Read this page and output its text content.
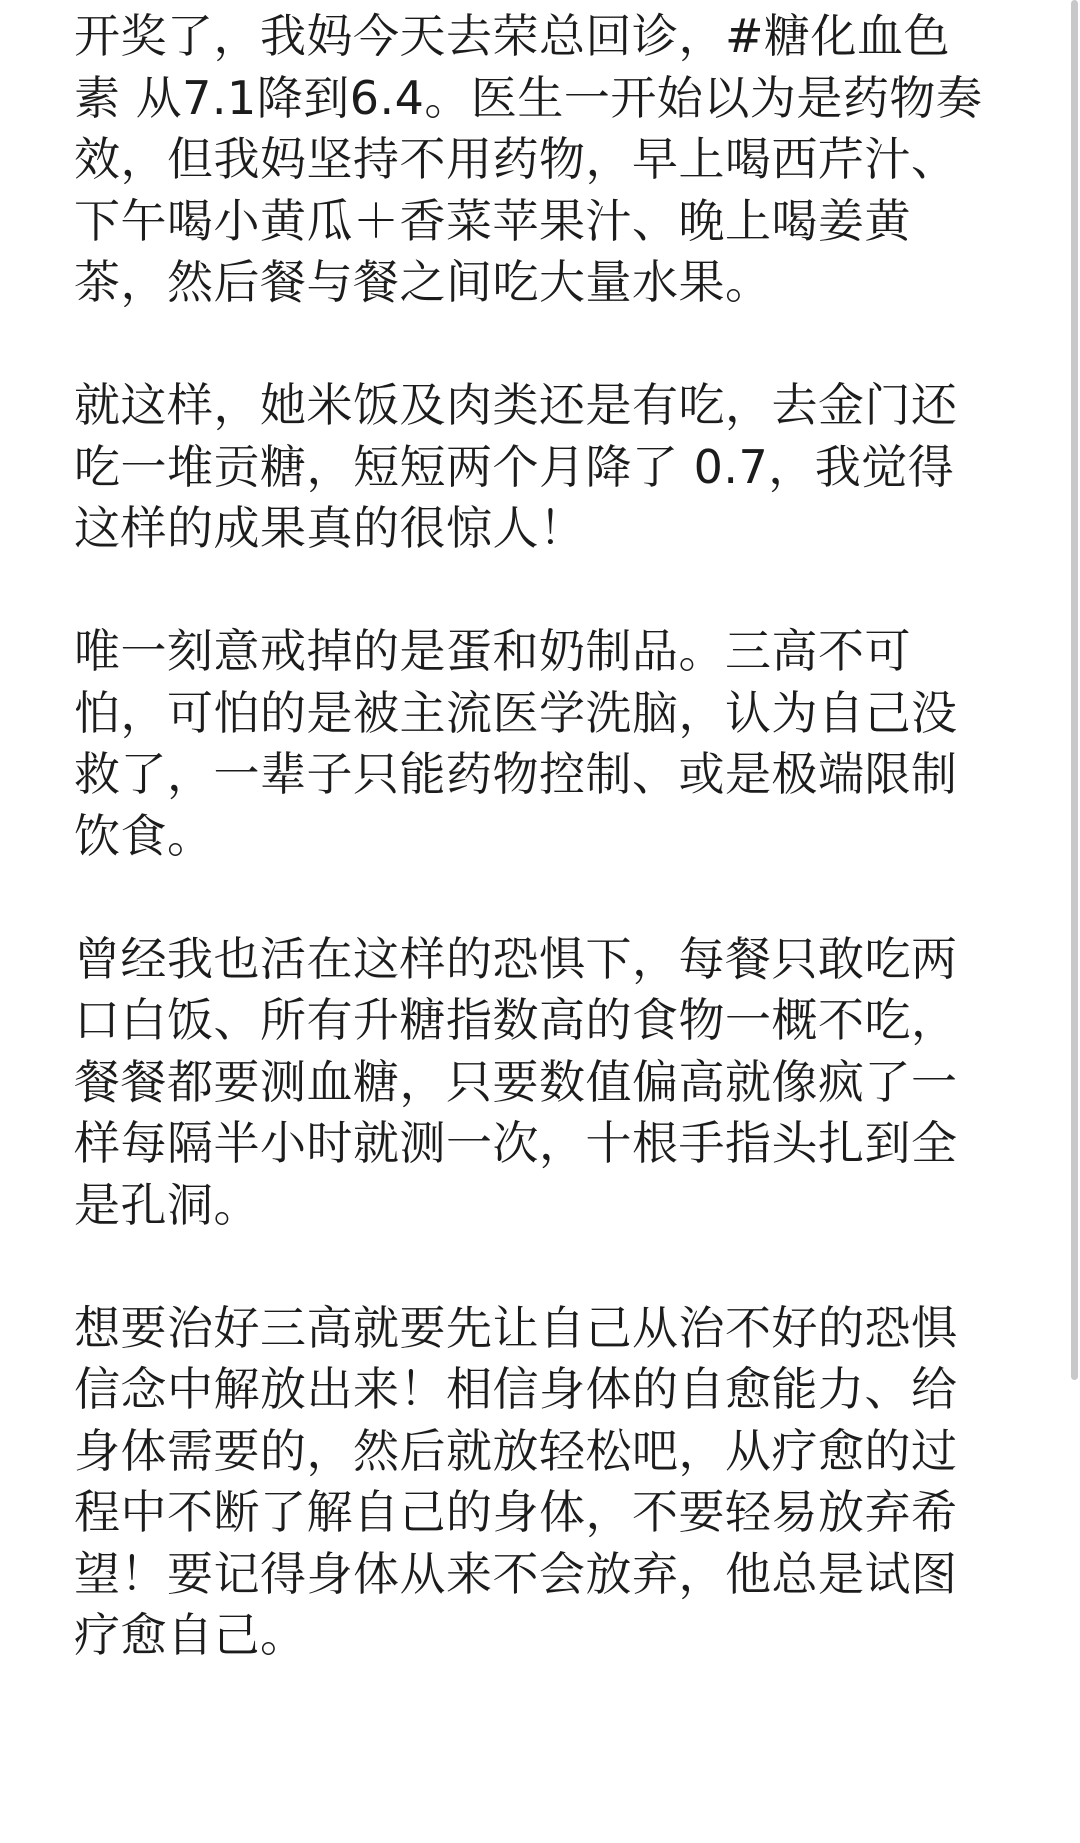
开奖了，我妈今天去荣总回诊，#糖化血色
素 从7.1降到6.4。医生一开始以为是药物奏
效，但我妈坚持不用药物，早上喝西芹汁、
下午喝小黄瓜＋香菜苹果汁、晚上喝姜黄
茶，然后餐与餐之间吃大量水果。
就这样，她米饭及肉类还是有吃，去金门还
吃一堆贡糖，短短两个月降了 0.7，我觉得
这样的成果真的很惊人！
唯一刻意戒掉的是蛋和奶制品。三高不可
怕，可怕的是被主流医学洗脑，认为自己没
救了，一辈子只能药物控制、或是极端限制
饮食。
曾经我也活在这样的恐惧下，每餐只敢吃两
口白饭、所有升糖指数高的食物一概不吃，
餐餐都要测血糖，只要数值偏高就像疯了一
样每隔半小时就测一次，十根手指头扎到全
是孔洞。
想要治好三高就要先让自己从治不好的恐惧
信念中解放出来！相信身体的自愈能力、给
身体需要的，然后就放轻松吧，从疗愈的过
程中不断了解自己的身体，不要轻易放弃希
望！要记得身体从来不会放弃，他总是试图
疗愈自己。
